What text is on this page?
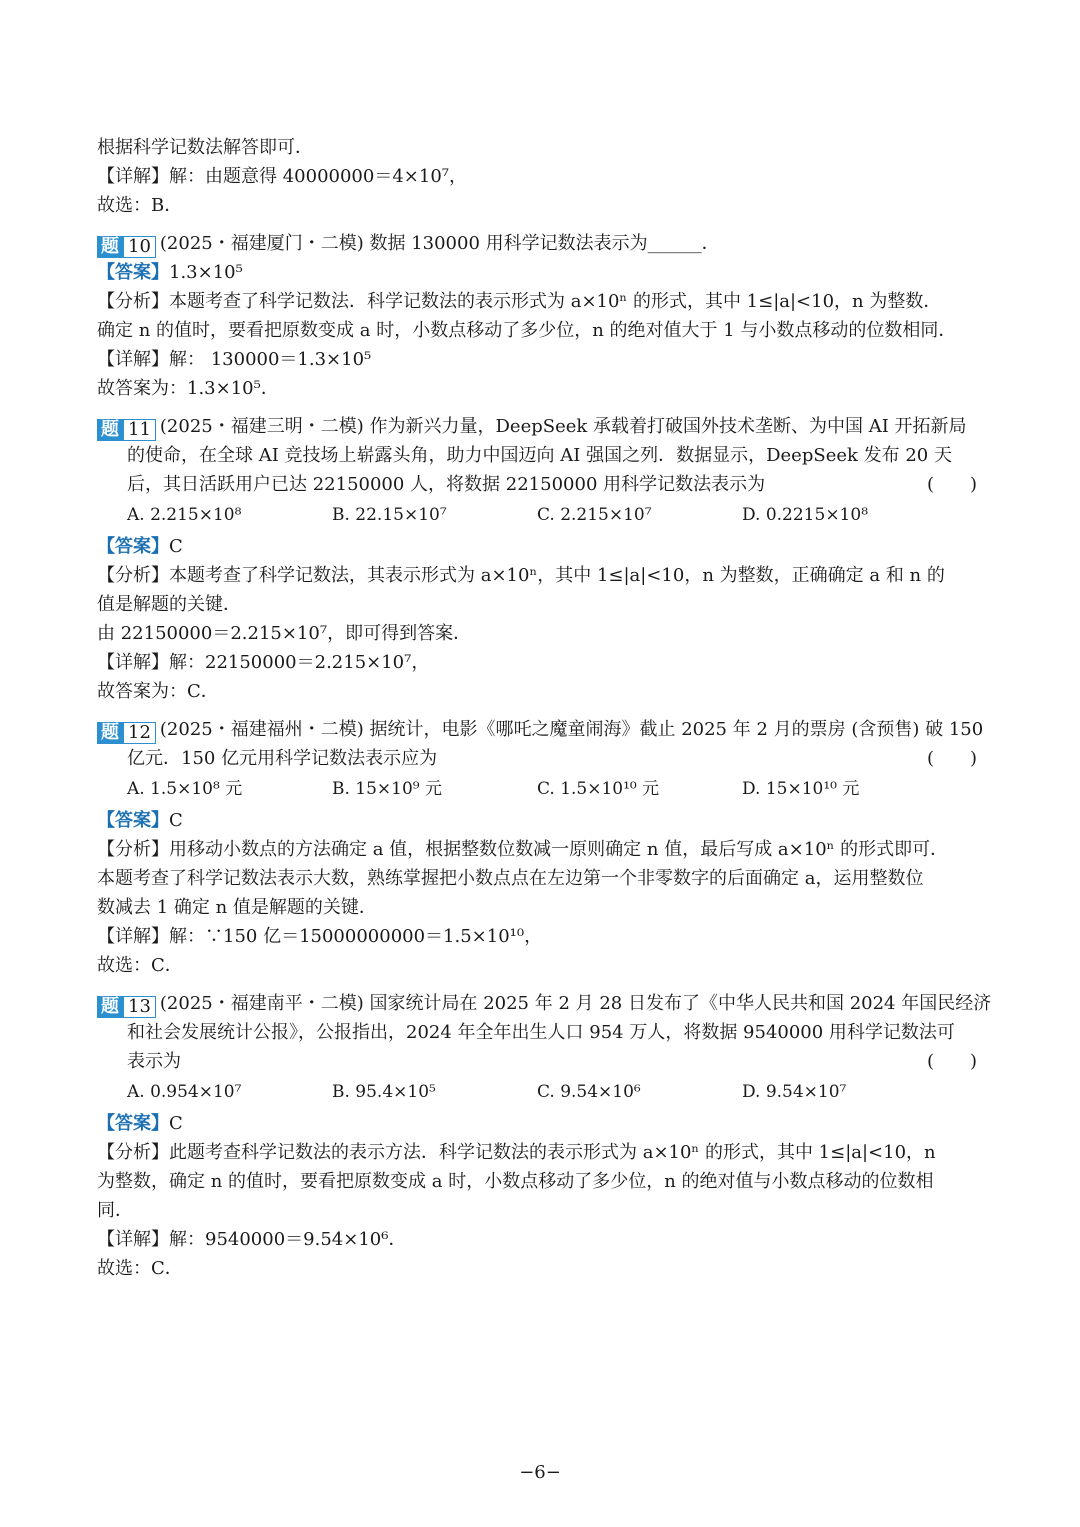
根据科学记数法解答即可．
【详解】解：由题意得 40000000＝4×10⁷，
故选：B．
题 10 (2025・福建厦门・二模) 数据 130000 用科学记数法表示为______．
【答案】1.3×10⁵
【分析】本题考查了科学记数法．科学记数法的表示形式为 a×10ⁿ 的形式，其中 1≤|a|<10，n 为整数．
确定 n 的值时，要看把原数变成 a 时，小数点移动了多少位，n 的绝对值大于 1 与小数点移动的位数相同．
【详解】解： 130000＝1.3×10⁵
故答案为：1.3×10⁵．
题 11 (2025・福建三明・二模) 作为新兴力量，DeepSeek 承载着打破国外技术垄断、为中国 AI 开拓新局
的使命，在全球 AI 竞技场上崭露头角，助力中国迈向 AI 强国之列．数据显示，DeepSeek 发布 20 天
后，其日活跃用户已达 22150000 人，将数据 22150000 用科学记数法表示为	(　　)
A. 2.215×10⁸	B. 22.15×10⁷	C. 2.215×10⁷	D. 0.2215×10⁸
【答案】C
【分析】本题考查了科学记数法，其表示形式为 a×10ⁿ，其中 1≤|a|<10，n 为整数，正确确定 a 和 n 的
值是解题的关键．
由 22150000＝2.215×10⁷，即可得到答案．
【详解】解：22150000＝2.215×10⁷，
故答案为：C．
题 12 (2025・福建福州・二模) 据统计，电影《哪吒之魔童闹海》截止 2025 年 2 月的票房 (含预售) 破 150
亿元．150 亿元用科学记数法表示应为	(　　)
A. 1.5×10⁸ 元	B. 15×10⁹ 元	C. 1.5×10¹⁰ 元	D. 15×10¹⁰ 元
【答案】C
【分析】用移动小数点的方法确定 a 值，根据整数位数减一原则确定 n 值，最后写成 a×10ⁿ 的形式即可．
本题考查了科学记数法表示大数，熟练掌握把小数点点在左边第一个非零数字的后面确定 a，运用整数位
数减去 1 确定 n 值是解题的关键．
【详解】解：∵150 亿＝15000000000＝1.5×10¹⁰，
故选：C．
题 13 (2025・福建南平・二模) 国家统计局在 2025 年 2 月 28 日发布了《中华人民共和国 2024 年国民经济
和社会发展统计公报》，公报指出，2024 年全年出生人口 954 万人，将数据 9540000 用科学记数法可
表示为	(　　)
A. 0.954×10⁷	B. 95.4×10⁵	C. 9.54×10⁶	D. 9.54×10⁷
【答案】C
【分析】此题考查科学记数法的表示方法．科学记数法的表示形式为 a×10ⁿ 的形式，其中 1≤|a|<10，n
为整数，确定 n 的值时，要看把原数变成 a 时，小数点移动了多少位，n 的绝对值与小数点移动的位数相
同．
【详解】解：9540000＝9.54×10⁶．
故选：C．
−6−
